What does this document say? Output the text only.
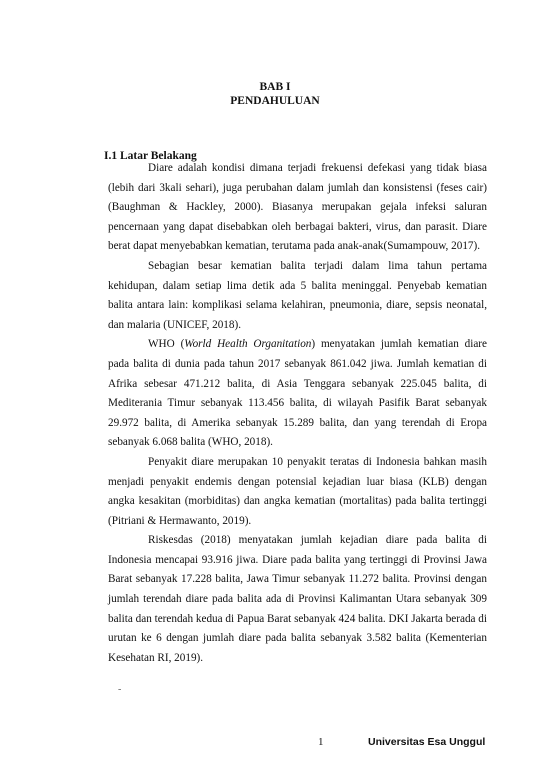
BAB I
PENDAHULUAN
I.1 Latar Belakang

Diare adalah kondisi dimana terjadi frekuensi defekasi yang tidak biasa (lebih dari 3kali sehari), juga perubahan dalam jumlah dan konsistensi (feses cair) (Baughman & Hackley, 2000). Biasanya merupakan gejala infeksi saluran pencernaan yang dapat disebabkan oleh berbagai bakteri, virus, dan parasit. Diare berat dapat menyebabkan kematian, terutama pada anak-anak(Sumampouw, 2017).

Sebagian besar kematian balita terjadi dalam lima tahun pertama kehidupan, dalam setiap lima detik ada 5 balita meninggal. Penyebab kematian balita antara lain: komplikasi selama kelahiran, pneumonia, diare, sepsis neonatal, dan malaria (UNICEF, 2018).

WHO (World Health Organitation) menyatakan jumlah kematian diare pada balita di dunia pada tahun 2017 sebanyak 861.042 jiwa. Jumlah kematian di Afrika sebesar 471.212 balita, di Asia Tenggara sebanyak 225.045 balita, di Mediterania Timur sebanyak 113.456 balita, di wilayah Pasifik Barat sebanyak 29.972 balita, di Amerika sebanyak 15.289 balita, dan yang terendah di Eropa sebanyak 6.068 balita (WHO, 2018).

Penyakit diare merupakan 10 penyakit teratas di Indonesia bahkan masih menjadi penyakit endemis dengan potensial kejadian luar biasa (KLB) dengan angka kesakitan (morbiditas) dan angka kematian (mortalitas) pada balita tertinggi (Pitriani & Hermawanto, 2019).

Riskesdas (2018) menyatakan jumlah kejadian diare pada balita di Indonesia mencapai 93.916 jiwa. Diare pada balita yang tertinggi di Provinsi Jawa Barat sebanyak 17.228 balita, Jawa Timur sebanyak 11.272 balita. Provinsi dengan jumlah terendah diare pada balita ada di Provinsi Kalimantan Utara sebanyak 309 balita dan terendah kedua di Papua Barat sebanyak 424 balita. DKI Jakarta berada di urutan ke 6 dengan jumlah diare pada balita sebanyak 3.582 balita (Kementerian Kesehatan RI, 2019).

-
1	Universitas Esa Unggul
